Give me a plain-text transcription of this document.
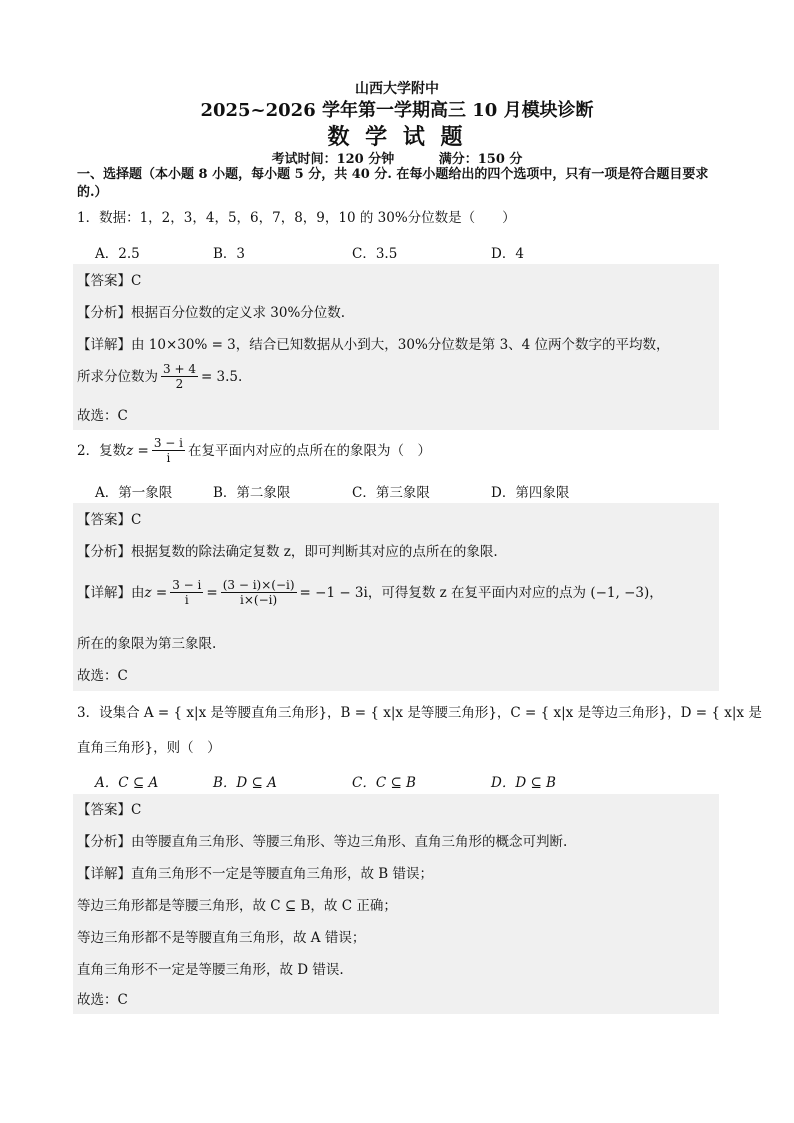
山西大学附中
2025~2026 学年第一学期高三 10 月模块诊断
数 学 试 题
考试时间：120 分钟	满分：150 分
一、选择题（本小题 8 小题，每小题 5 分，共 40 分. 在每小题给出的四个选项中，只有一项是符合题目要求的.）
1．数据：1，2，3，4，5，6，7，8，9，10 的 30%分位数是（　　）
A．2.5	B．3	C．3.5	D．4
【答案】C
【分析】根据百分位数的定义求 30%分位数.
【详解】由 10×30% = 3，结合已知数据从小到大，30%分位数是第 3、4 位两个数字的平均数，
所求分位数为 $\frac{3 + 4}{2} = 3.5$.
故选：C
2．复数 $z = \frac{3 - i}{i}$ 在复平面内对应的点所在的象限为（　）
A．第一象限	B．第二象限	C．第三象限	D．第四象限
【答案】C
【分析】根据复数的除法确定复数 z，即可判断其对应的点所在的象限.
【详解】由 $z = \frac{3 - i}{i} = \frac{(3 - i)\times(-i)}{i\times(-i)} = -1 - 3i$，可得复数 z 在复平面内对应的点为 (−1, −3)，
所在的象限为第三象限.
故选：C
3．设集合 A = { x|x 是等腰直角三角形}，B = { x|x 是等腰三角形}，C = { x|x 是等边三角形}，D = { x|x 是
直角三角形}，则（　）
A．C ⊆ A	B．D ⊆ A	C．C ⊆ B	D．D ⊆ B
【答案】C
【分析】由等腰直角三角形、等腰三角形、等边三角形、直角三角形的概念可判断.
【详解】直角三角形不一定是等腰直角三角形，故 B 错误；
等边三角形都是等腰三角形，故 C ⊆ B，故 C 正确；
等边三角形都不是等腰直角三角形，故 A 错误；
直角三角形不一定是等腰三角形，故 D 错误.
故选：C
